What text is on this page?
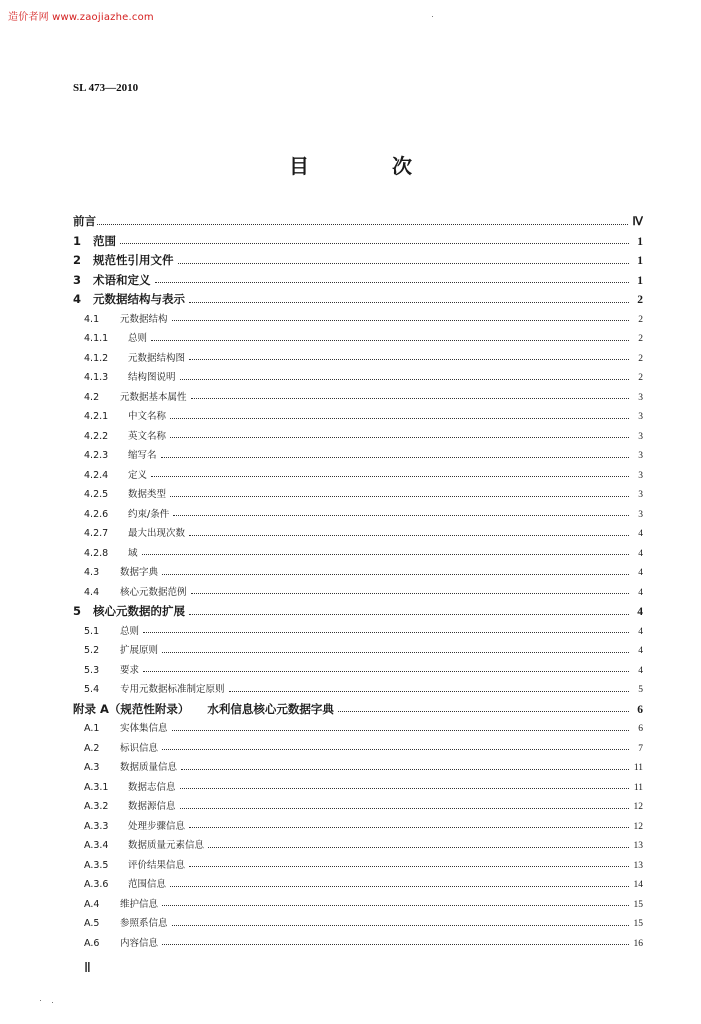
造价者网 www.zaojiazhe.com
SL 473—2010
目 次
前言	Ⅳ
1	范围	1
2	规范性引用文件	1
3	术语和定义	1
4	元数据结构与表示	2
4.1	元数据结构	2
4.1.1	总则	2
4.1.2	元数据结构图	2
4.1.3	结构图说明	2
4.2	元数据基本属性	3
4.2.1	中文名称	3
4.2.2	英文名称	3
4.2.3	缩写名	3
4.2.4	定义	3
4.2.5	数据类型	3
4.2.6	约束/条件	3
4.2.7	最大出现次数	4
4.2.8	域	4
4.3	数据字典	4
4.4	核心元数据范例	4
5	核心元数据的扩展	4
5.1	总则	4
5.2	扩展原则	4
5.3	要求	4
5.4	专用元数据标准制定原则	5
附录 A（规范性附录） 水利信息核心元数据字典	6
A.1	实体集信息	6
A.2	标识信息	7
A.3	数据质量信息	11
A.3.1	数据志信息	11
A.3.2	数据源信息	12
A.3.3	处理步骤信息	12
A.3.4	数据质量元素信息	13
A.3.5	评价结果信息	13
A.3.6	范围信息	14
A.4	维护信息	15
A.5	参照系信息	15
A.6	内容信息	16
Ⅱ
